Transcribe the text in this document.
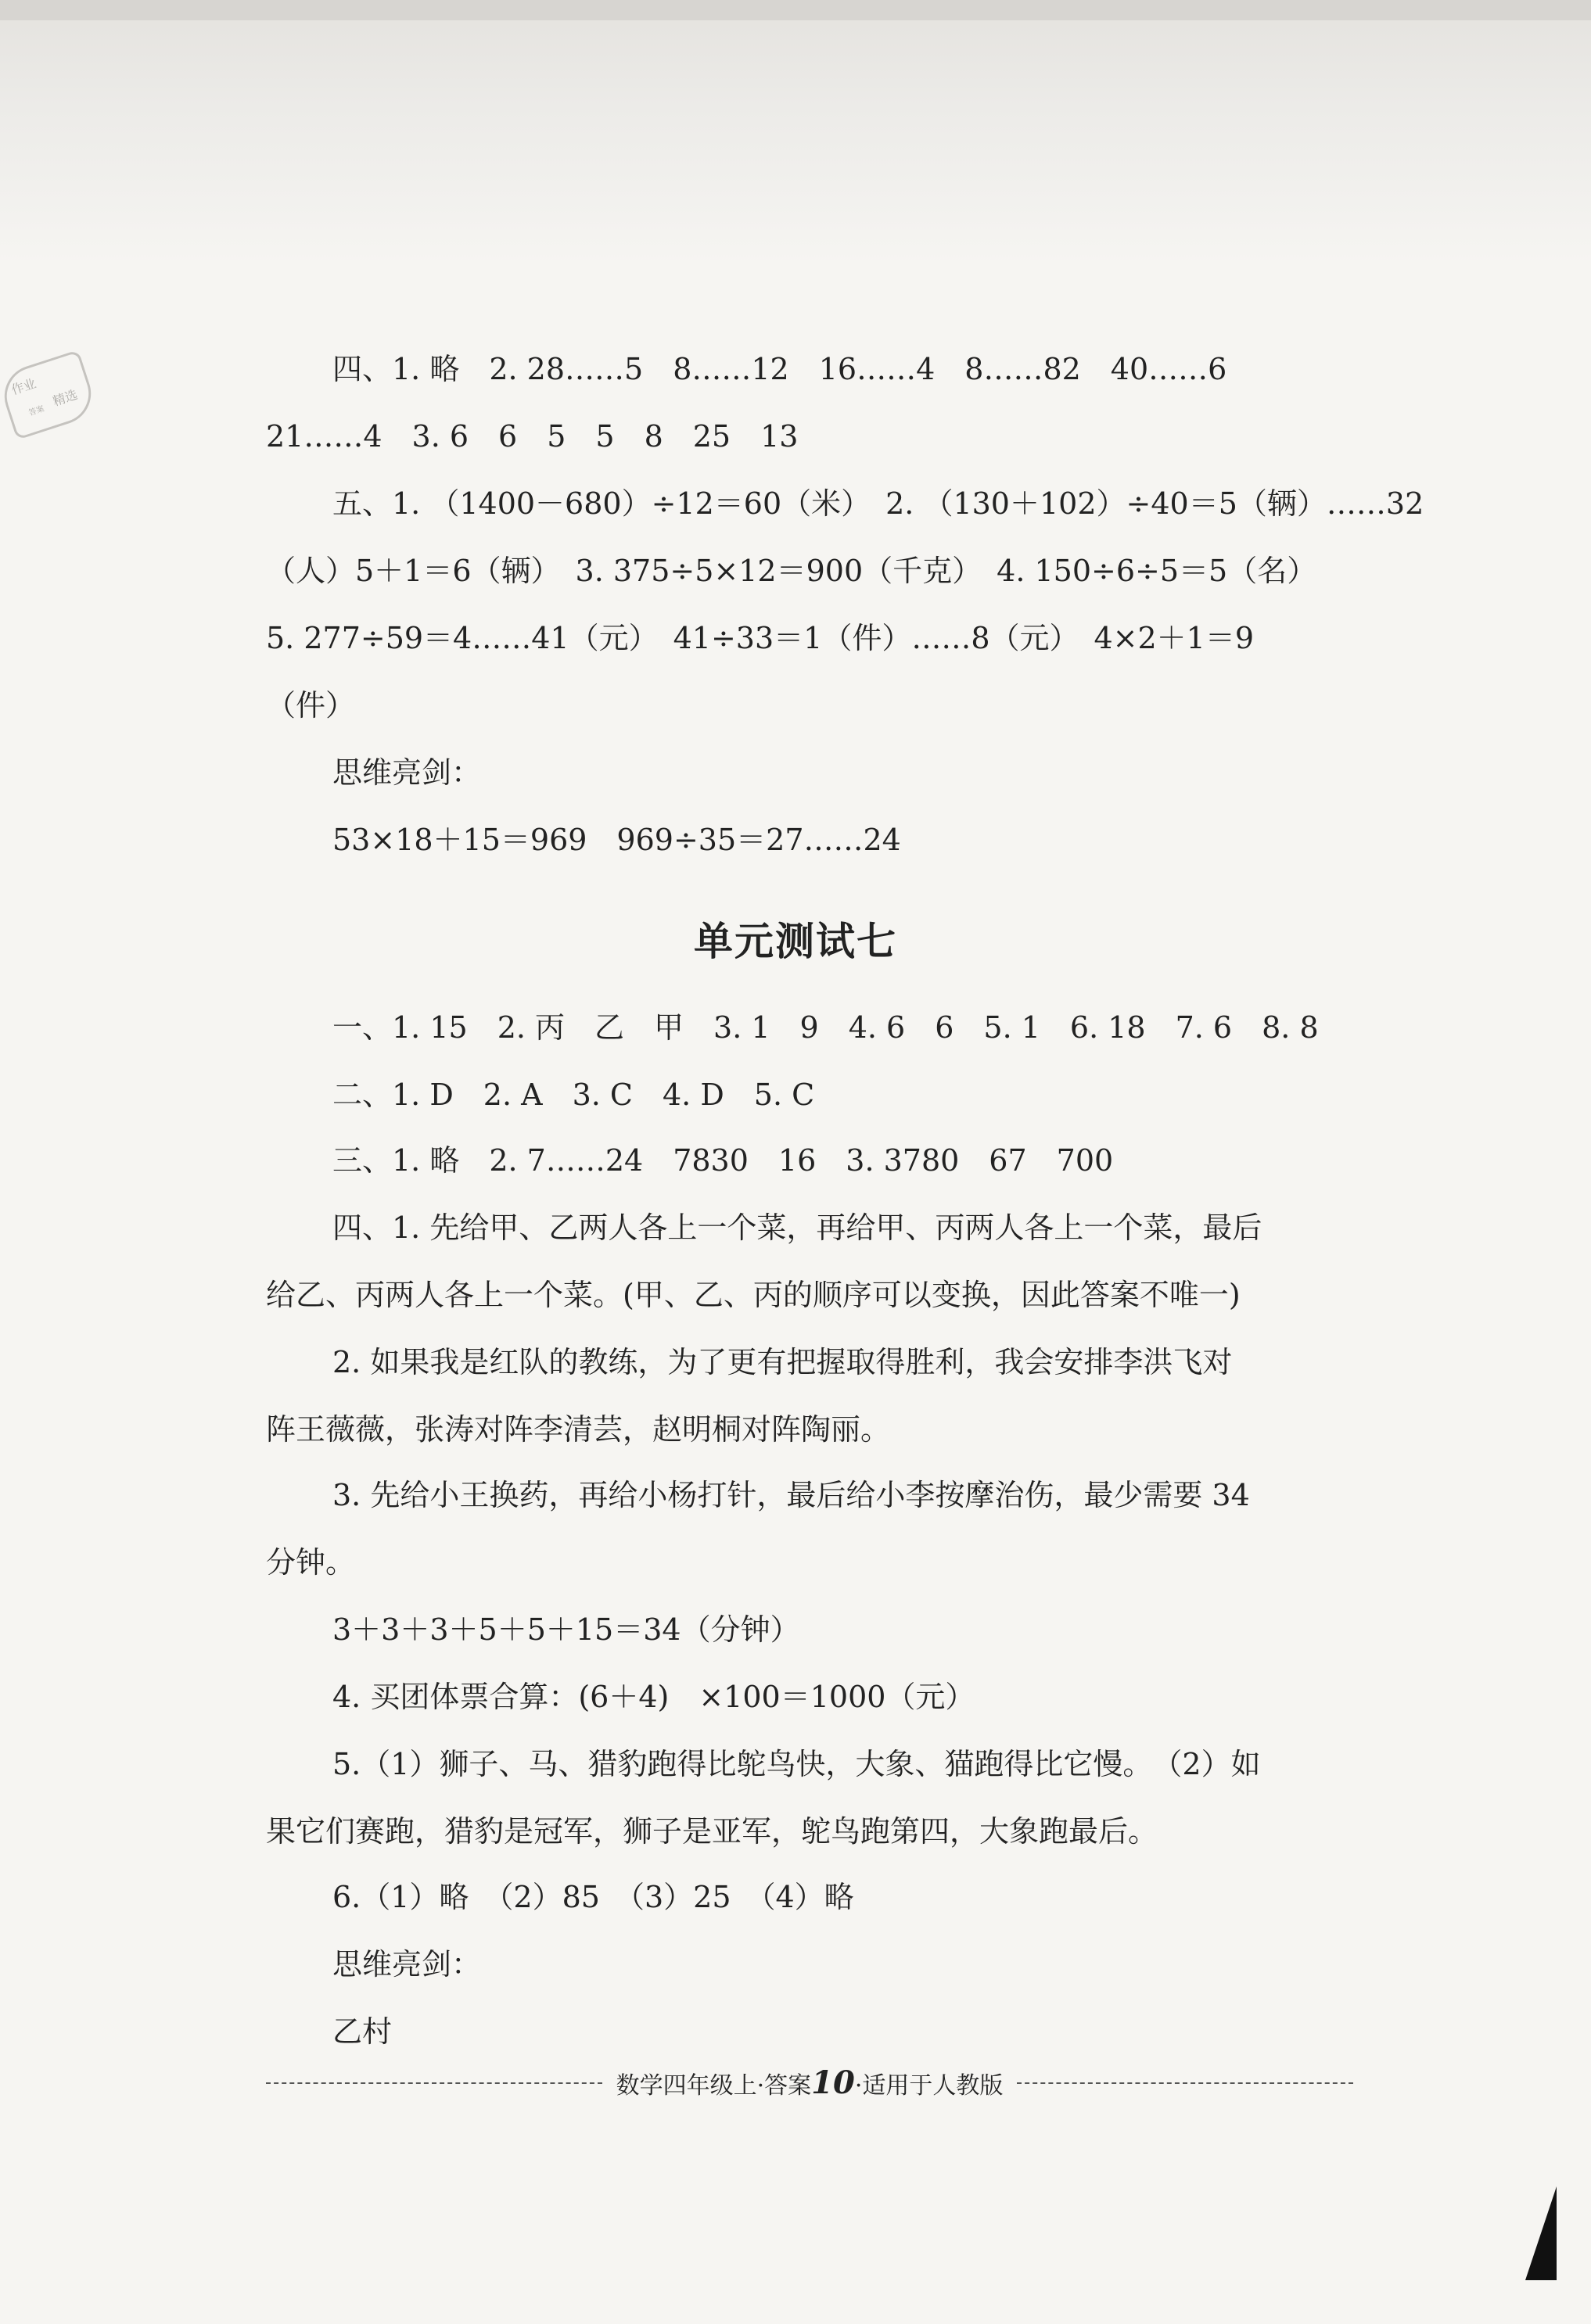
作业
精选
答案
四、1. 略　2. 28……5　8……12　16……4　8……82　40……6
21……4　3. 6　6　5　5　8　25　13
五、1. （1400－680）÷12＝60（米）　2. （130＋102）÷40＝5（辆）……32
（人）5＋1＝6（辆）　3. 375÷5×12＝900（千克）　4. 150÷6÷5＝5（名）
5. 277÷59＝4……41（元）　41÷33＝1（件）……8（元）　4×2＋1＝9
（件）
思维亮剑：
53×18＋15＝969　969÷35＝27……24
单元测试七
一、1. 15　2. 丙　乙　甲　3. 1　9　4. 6　6　5. 1　6. 18　7. 6　8. 8
二、1. D　2. A　3. C　4. D　5. C
三、1. 略　2. 7……24　7830　16　3. 3780　67　700
四、1. 先给甲、乙两人各上一个菜，再给甲、丙两人各上一个菜，最后
给乙、丙两人各上一个菜。(甲、乙、丙的顺序可以变换，因此答案不唯一)
2. 如果我是红队的教练，为了更有把握取得胜利，我会安排李洪飞对
阵王薇薇，张涛对阵李清芸，赵明桐对阵陶丽。
3. 先给小王换药，再给小杨打针，最后给小李按摩治伤，最少需要 34
分钟。
3＋3＋3＋5＋5＋15＝34（分钟）
4. 买团体票合算：(6＋4)　×100＝1000（元）
5.（1）狮子、马、猎豹跑得比鸵鸟快，大象、猫跑得比它慢。　（2）如
果它们赛跑，猎豹是冠军，狮子是亚军，鸵鸟跑第四，大象跑最后。
6.（1）略　（2）85　（3）25　（4）略
思维亮剑：
乙村
数学四年级上·答案10·适用于人教版
